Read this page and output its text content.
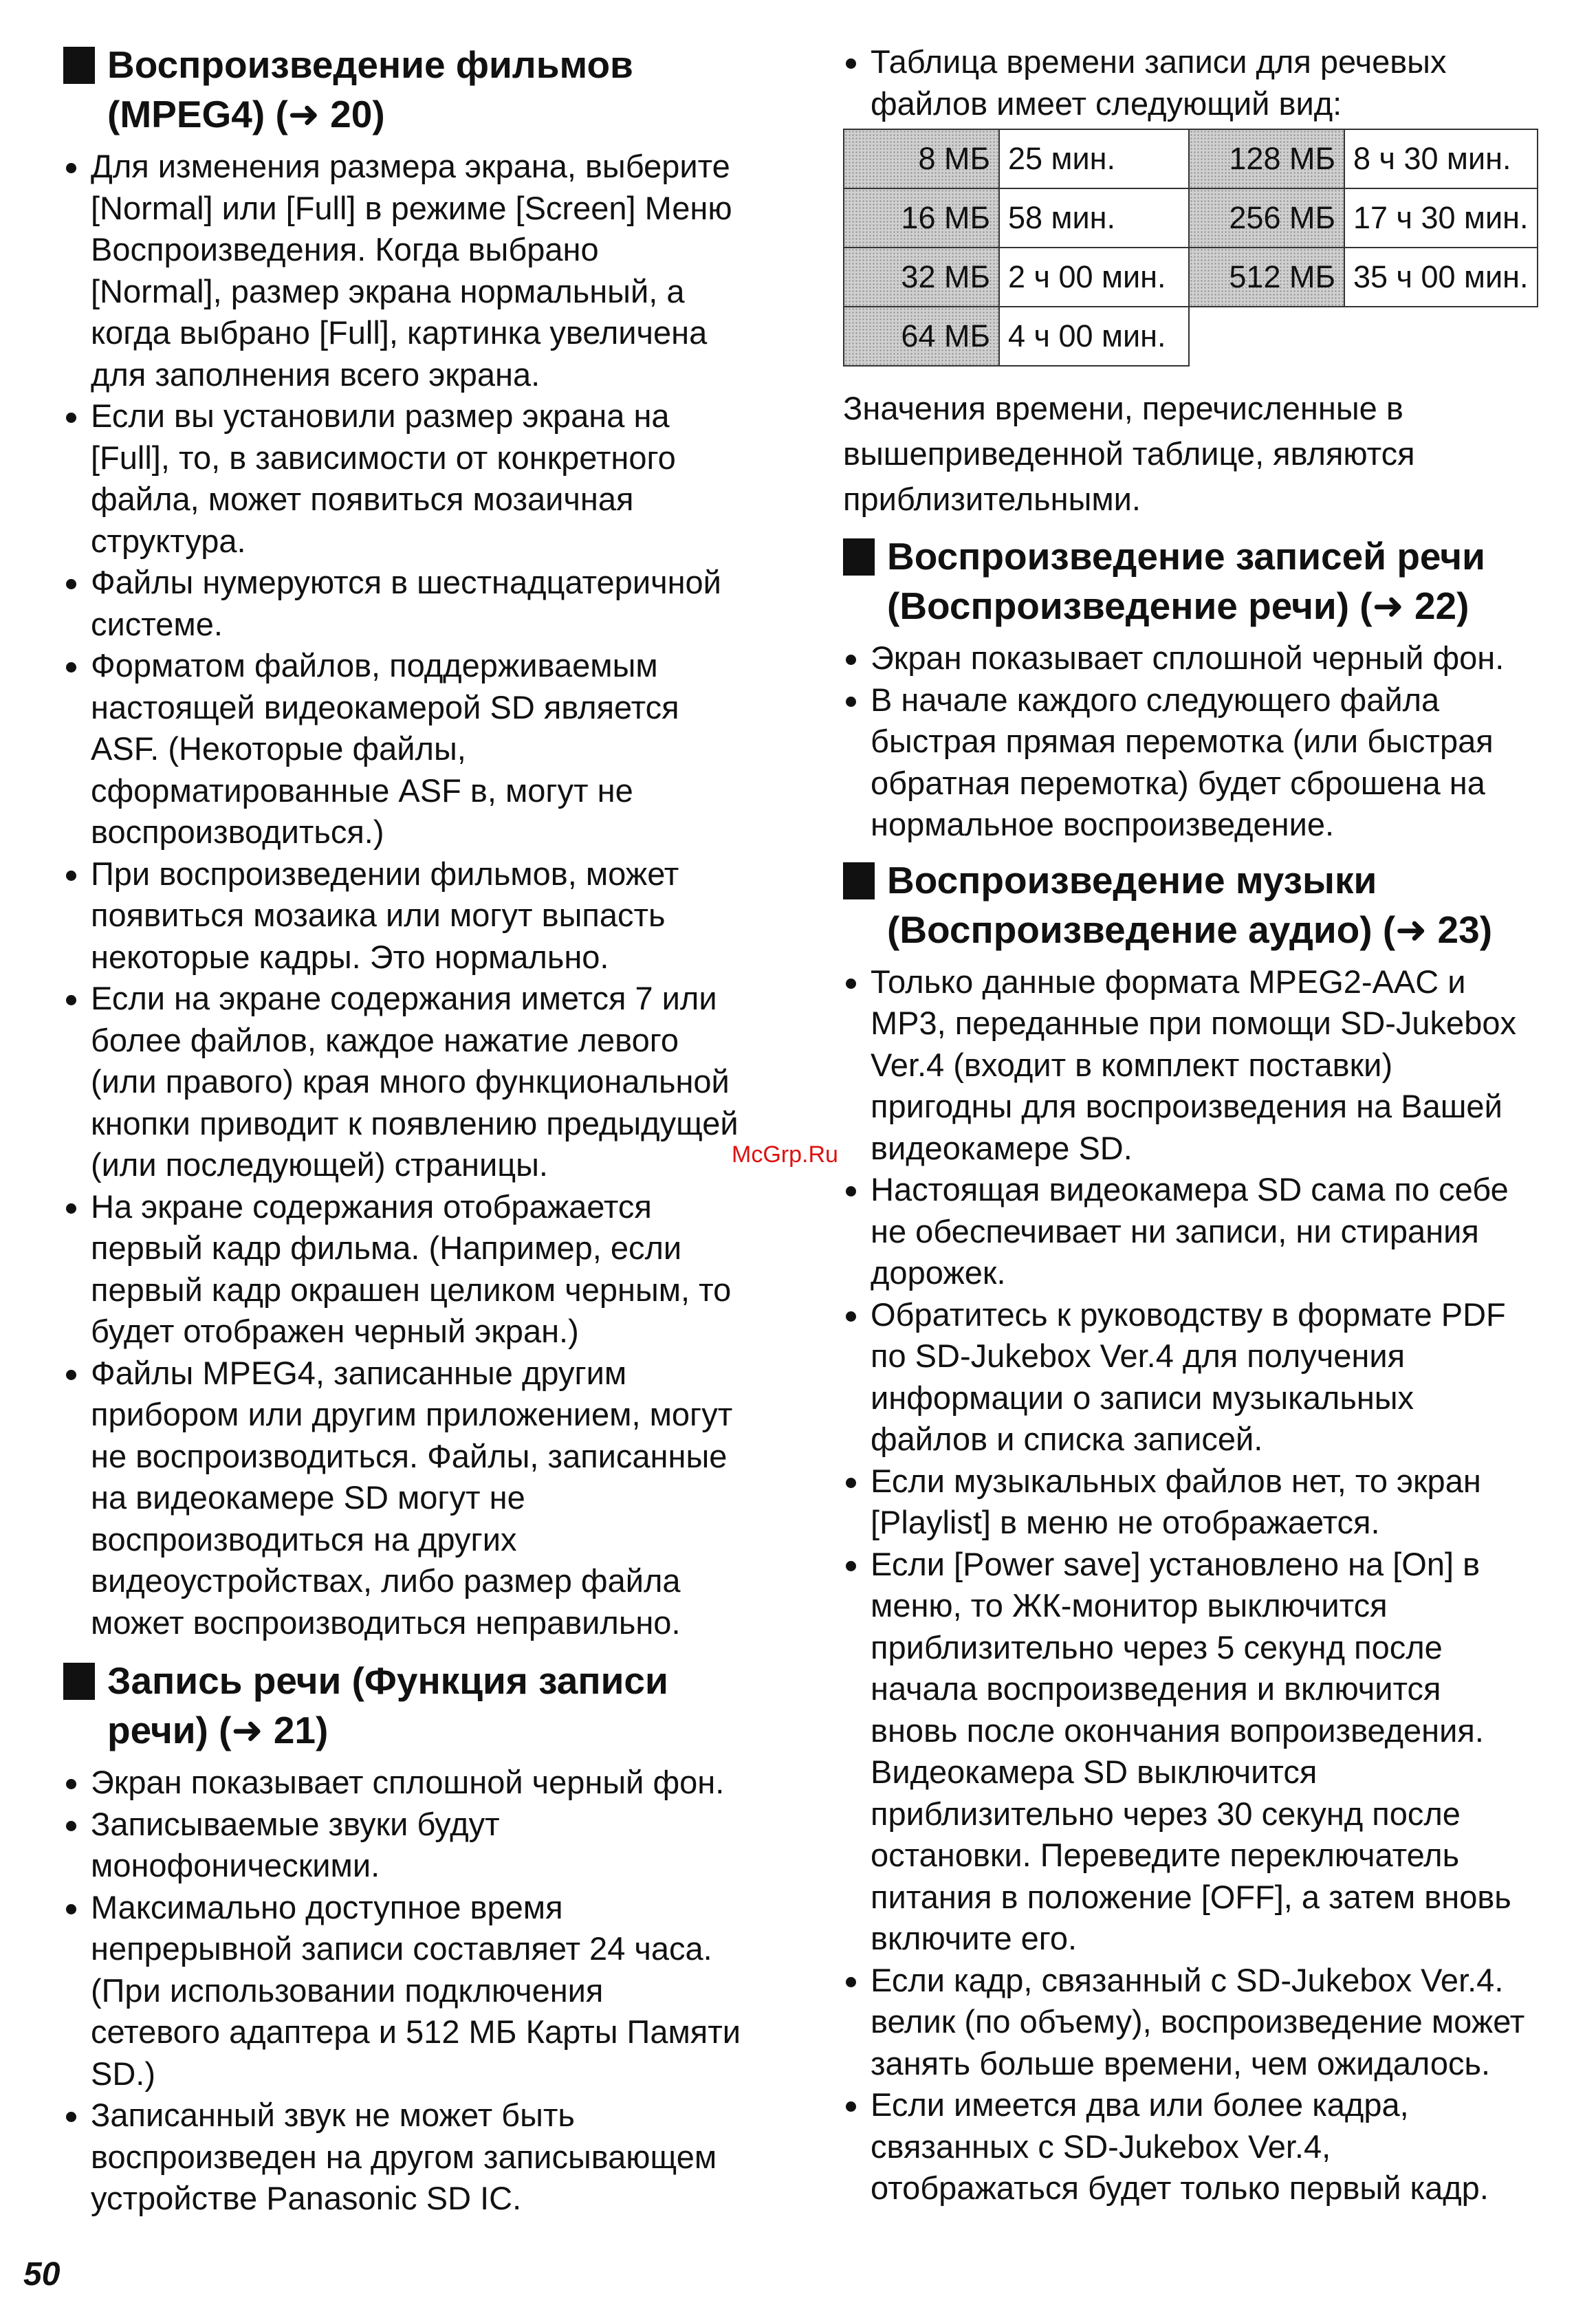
Воспроизведение фильмов
(MPEG4) (➜ 20)
Для изменения размера экрана, выберите
[Normal] или [Full] в режиме [Screen] Меню
Воспроизведения. Когда выбрано
[Normal], размер экрана нормальный, а
когда выбрано [Full], картинка увеличена
для заполнения всего экрана.
Если вы установили размер экрана на
[Full], то, в зависимости от конкретного
файла, может появиться мозаичная
структура.
Файлы нумеруются в шестнадцатеричной
системе.
Форматом файлов, поддерживаемым
настоящей видеокамерой SD является
ASF. (Некоторые файлы,
сформатированные ASF в, могут не
воспроизводиться.)
При воспроизведении фильмов, может
появиться мозаика или могут выпасть
некоторые кадры. Это нормально.
Если на экране содержания имется 7 или
более файлов, каждое нажатие левого
(или правого) края много функциональной
кнопки приводит к появлению предыдущей
(или последующей) страницы.
На экране содержания отображается
первый кадр фильма. (Например, если
первый кадр окрашен целиком черным, то
будет отображен черный экран.)
Файлы MPEG4, записанные другим
прибором или другим приложением, могут
не воспроизводиться. Файлы, записанные
на видеокамере SD могут не
воспроизводиться на других
видеоустройствах, либо размер файла
может воспроизводиться неправильно.
Запись речи (Функция записи
речи) (➜ 21)
Экран показывает сплошной черный фон.
Записываемые звуки будут
монофоническими.
Максимально доступное время
непрерывной записи составляет 24 часа.
(При использовании подключения
сетевого адаптера и 512 МБ Карты Памяти
SD.)
Записанный звук не может быть
воспроизведен на другом записывающем
устройстве Panasonic SD IC.
Таблица времени записи для речевых
файлов имеет следующий вид:
8 МБ	25 мин.	128 МБ	8 ч 30 мин.
16 МБ	58 мин.	256 МБ	17 ч 30 мин.
32 МБ	2 ч 00 мин.	512 МБ	35 ч 00 мин.
64 МБ	4 ч 00 мин.		

Значения времени, перечисленные в
вышеприведенной таблице, являются
приблизительными.

Воспроизведение записей речи
(Воспроизведение речи) (➜ 22)
Экран показывает сплошной черный фон.
В начале каждого следующего файла
быстрая прямая перемотка (или быстрая
обратная перемотка) будет сброшена на
нормальное воспроизведение.
Воспроизведение музыки
(Воспроизведение аудио) (➜ 23)
Только данные формата MPEG2-AAC и
MP3, переданные при помощи SD-Jukebox
Ver.4 (входит в комплект поставки)
пригодны для воспроизведения на Вашей
видеокамере SD.
Настоящая видеокамера SD сама по себе
не обеспечивает ни записи, ни стирания
дорожек.
Обратитесь к руководству в формате PDF
по SD-Jukebox Ver.4 для получения
информации о записи музыкальных
файлов и списка записей.
Если музыкальных файлов нет, то экран
[Playlist] в меню не отображается.
Если [Power save] установлено на [On] в
меню, то ЖК-монитор выключится
приблизительно через 5 секунд после
начала воспроизведения и включится
вновь после окончания вопроизведения.
Видеокамера SD выключится
приблизительно через 30 секунд после
остановки. Переведите переключатель
питания в положение [OFF], а затем вновь
включите его.
Если кадр, связанный с SD-Jukebox Ver.4.
велик (по объему), воспроизведение может
занять больше времени, чем ожидалось.
Если имеется два или более кадра,
связанных с SD-Jukebox Ver.4,
отображаться будет только первый кадр.
McGrp.Ru
50
